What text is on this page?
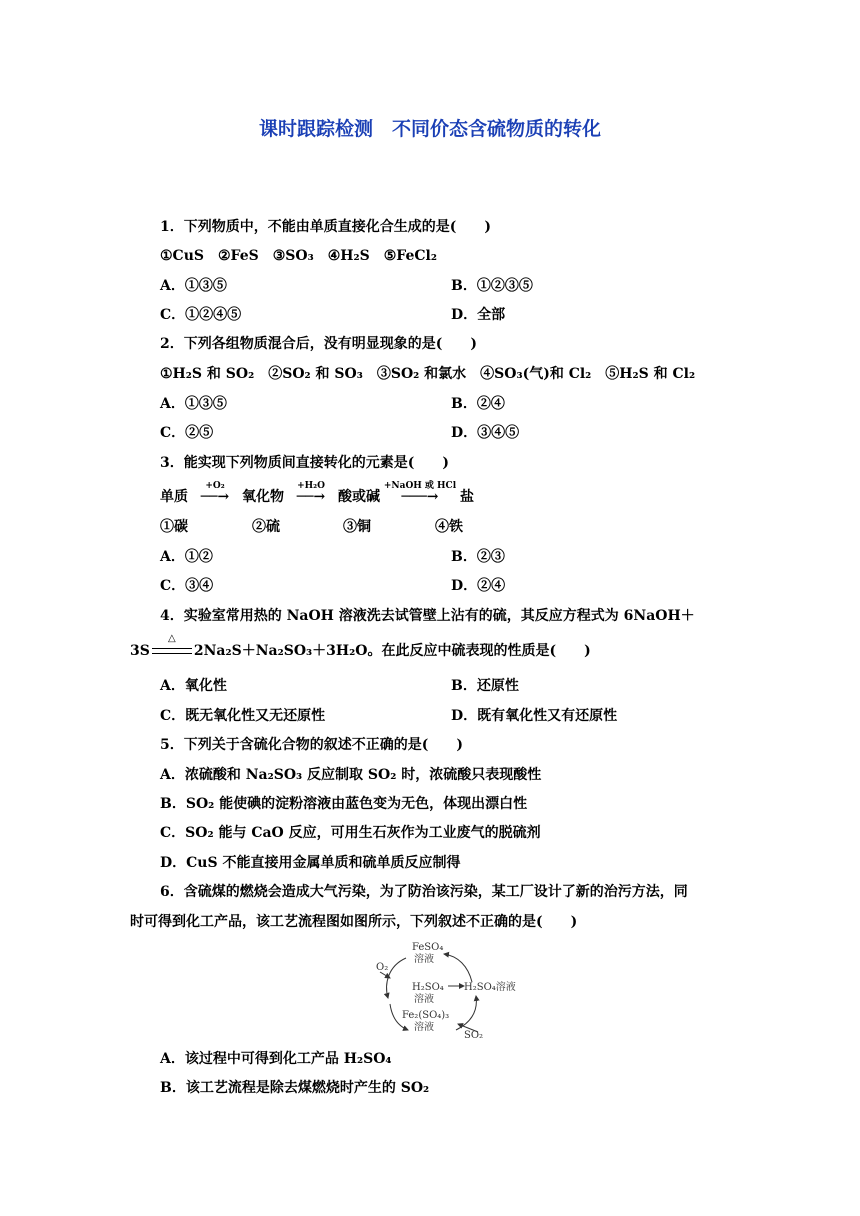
课时跟踪检测　不同价态含硫物质的转化
1．下列物质中，不能由单质直接化合生成的是(　　)
①CuS　②FeS　③SO₃　④H₂S　⑤FeCl₂
A．①③⑤	B．①②③⑤
C．①②④⑤	D．全部
2．下列各组物质混合后，没有明显现象的是(　　)
①H₂S 和 SO₂　②SO₂ 和 SO₃　③SO₂ 和氯水　④SO₃(气)和 Cl₂　⑤H₂S 和 Cl₂
A．①③⑤	B．②④
C．②⑤	D．③④⑤
3．能实现下列物质间直接转化的元素是(　　)
单质
+O₂
──→ 氧化物
+H₂O
──→ 酸或碱
+NaOH 或 HCl
───→ 盐
①碳	②硫	③铜	④铁
A．①②	B．②③
C．③④	D．②④
4．实验室常用热的 NaOH 溶液洗去试管壁上沾有的硫，其反应方程式为 6NaOH＋
3S
△
2Na₂S＋Na₂SO₃＋3H₂O。在此反应中硫表现的性质是(　　)
A．氧化性	B．还原性
C．既无氧化性又无还原性	D．既有氧化性又有还原性
5．下列关于含硫化合物的叙述不正确的是(　　)
A．浓硫酸和 Na₂SO₃ 反应制取 SO₂ 时，浓硫酸只表现酸性
B．SO₂ 能使碘的淀粉溶液由蓝色变为无色，体现出漂白性
C．SO₂ 能与 CaO 反应，可用生石灰作为工业废气的脱硫剂
D．CuS 不能直接用金属单质和硫单质反应制得
6．含硫煤的燃烧会造成大气污染，为了防治该污染，某工厂设计了新的治污方法，同
时可得到化工产品，该工艺流程图如图所示，下列叙述不正确的是(　　)
FeSO₄
溶液
O₂
H₂SO₄
溶液
H₂SO₄溶液
Fe₂(SO₄)₃
溶液
SO₂
A．该过程中可得到化工产品 H₂SO₄
B．该工艺流程是除去煤燃烧时产生的 SO₂
